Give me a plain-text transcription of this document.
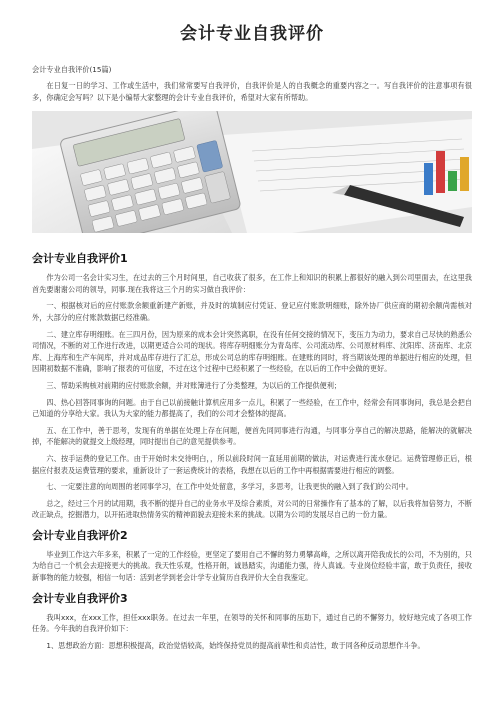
会计专业自我评价

会计专业自我评价(15篇)

在日复一日的学习、工作或生活中，我们常常要写自我评价，自我评价是人的自我概念的重要内容之一。写自我评价的注意事项有很多，你确定会写吗？以下是小编帮大家整理的会计专业自我评价，希望对大家有所帮助。

会计专业自我评价1

作为公司一名会计实习生，在过去的三个月时间里，自己收获了很多，在工作上和知识的积累上都很好的融入到公司里面去，在这里我首先要谢谢公司的领导，同事.现在我将这三个月的实习做自我评价：

一、根据核对后的应付账款余额重新建产新账，并及时的填制应付凭证、登记应付账款明细账，除外协厂供应商的期初余额尚需核对外，大部分的应付账款数据已经准确。

二、建立库存明细账。在三四月份，因为原来的成本会计突然离职，在没有任何交接的情况下，变压力为动力，要求自己尽快的熟悉公司情况，不断的对工作进行改进，以期更适合公司的现状。将库存明细账分为青岛库、公司流动库、公司原材料库、沈阳库、济南库、北京库、上海库和生产车间库，并对成品库存进行了汇总，形成公司总的库存明细账。在建账的同时，将当期该处理的单据进行相应的处理，但因期初数据不准确，影响了报表的可信度，不过在这个过程中已经积累了一些经验，在以后的工作中会做的更好。

三、帮助采购核对前期的应付账款余额，并对账簿进行了分类整理，为以后的工作提供便利；

四、热心回答同事询的问题。由于自己以前接触计算机应用多一点儿，积累了一些经验，在工作中，经常会有同事询问，我总是会把自己知道的分享给大家。我认为大家的能力都提高了，我们的公司才会整体的提高。

五、在工作中，善于思考，发现有的单据在处理上存在问题，便首先同同事进行沟通，与同事分享自己的解决思路，能解决的就解决掉，不能解决的就提交上级经理，同时提出自己的意见提供参考。

六、按手运费的登记工作。由于开始时未交待明白，，所以前段时间一直延用前期的做法，对运费进行流水登记。运费管理修正后，根据应付报表及运费管理的要求，重新设计了一套运费统计的表格，我想在以后的工作中再根据需要进行相应的调整。

七、一定要注意的向周围的老同事学习，在工作中处处留意，多学习，多思考，让我更快的融入到了我们的公司中。

总之，经过三个月的试用期，我不断的提升自己的业务水平及综合素质，对公司的日常操作有了基本的了解，以后我将加倍努力，不断改正缺点，挖掘潜力，以开拓进取热情务实的精神面貌去迎接未来的挑战。以期为公司的发展尽自己的一份力量。

会计专业自我评价2

毕业到工作这六年多来，积累了一定的工作经验，更坚定了要用自己不懈的努力勇攀高峰，之所以离开陪我成长的公司，不为别的，只为给自己一个机会去迎接更大的挑战。我天性乐观，性格开朗，诚恳踏实，沟通能力强，待人真诚。专业岗位经验丰富，敢于负责任，接收新事物的能力较强，相信一句话：活到老学到老会计学专业简历自我评价大全自我鉴定。

会计专业自我评价3

我叫xxx，在xxx工作，担任xxx职务。在过去一年里，在领导的关怀和同事的压助下，通过自己的不懈努力，较好地完成了各项工作任务。今年我的自我评价如下：

1、思想政治方面：思想积极提高，政治觉悟较高，始终保持党员的提高前辈性和贞洁性，敢于同各种反动思想作斗争。
